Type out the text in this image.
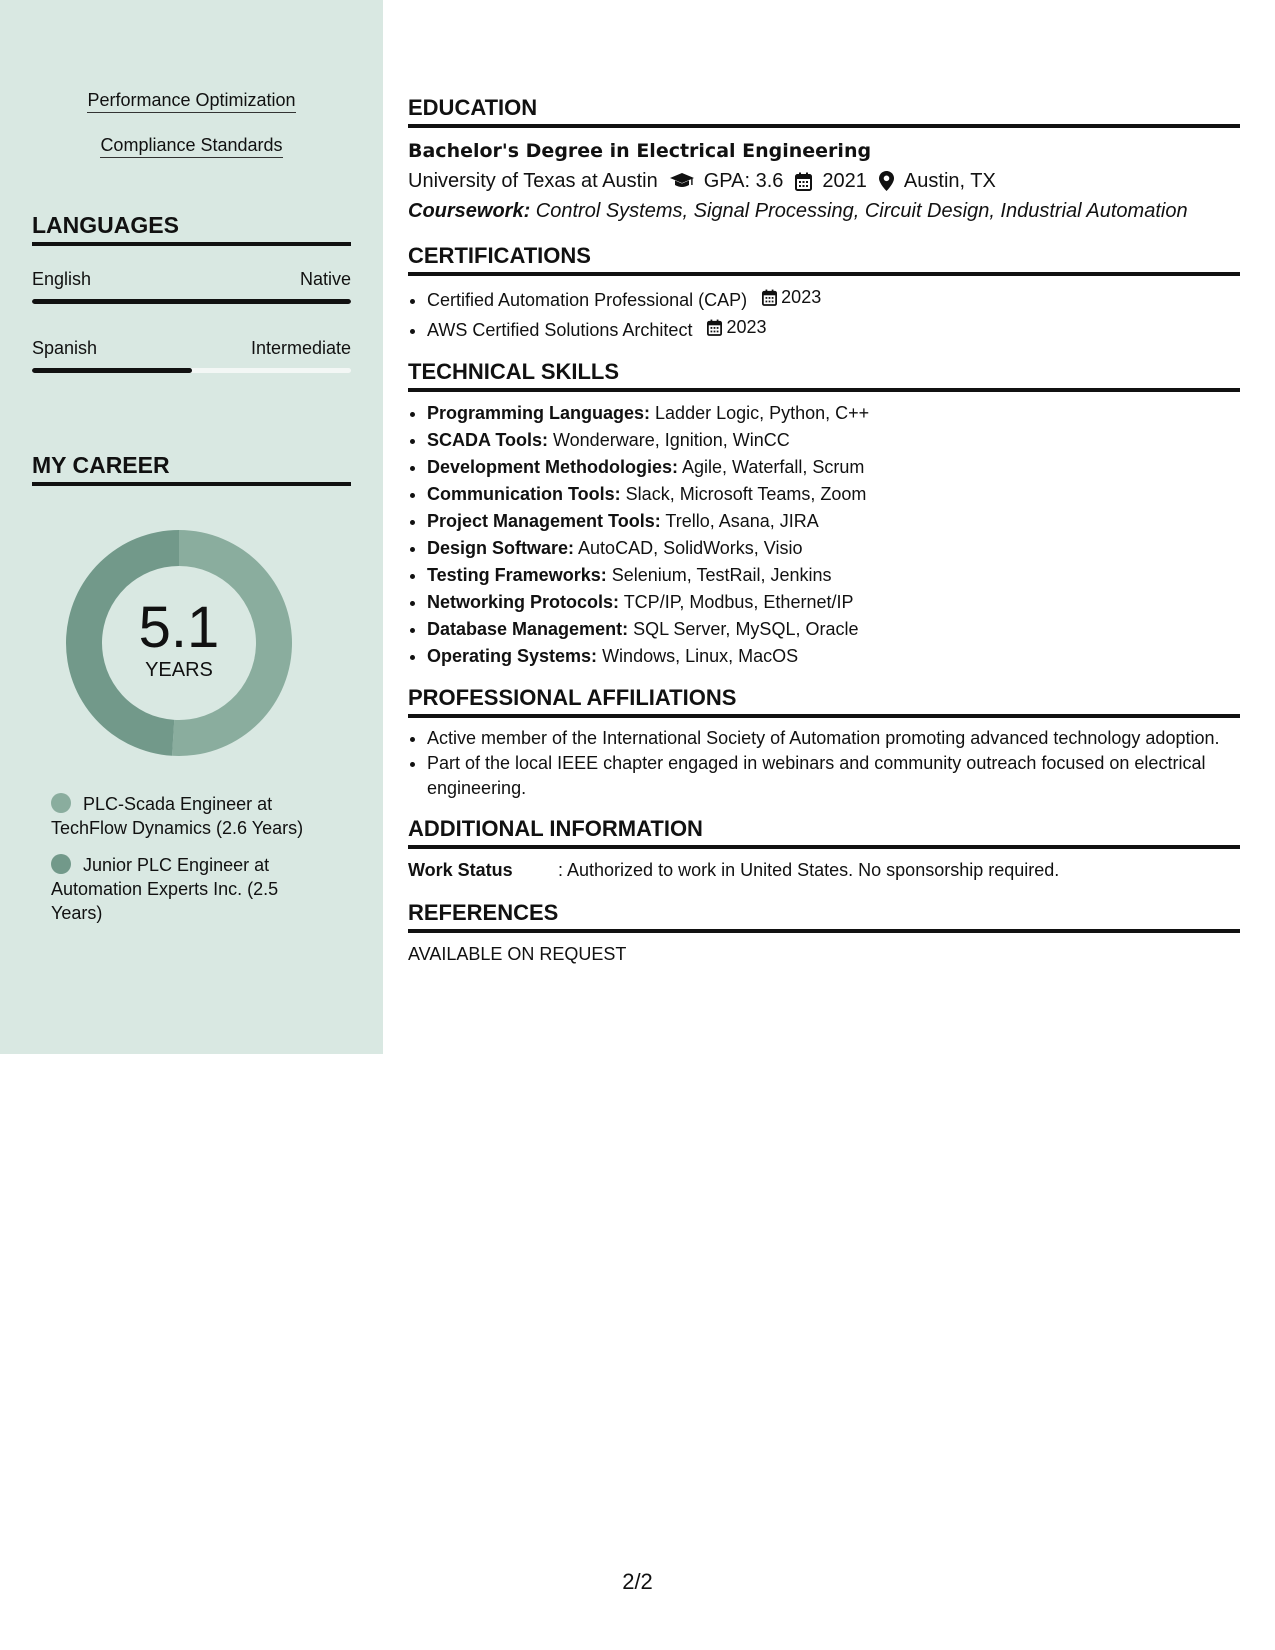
Performance Optimization
Compliance Standards
LANGUAGES
English	Native
Spanish	Intermediate
MY CAREER
5.1
YEARS
PLC-Scada Engineer at TechFlow Dynamics (2.6 Years)
Junior PLC Engineer at Automation Experts Inc. (2.5 Years)
EDUCATION
Bachelor's Degree in Electrical Engineering
University of Texas at Austin GPA: 3.6 2021 Austin, TX
Coursework: Control Systems, Signal Processing, Circuit Design, Industrial Automation
CERTIFICATIONS
• Certified Automation Professional (CAP) 2023
• AWS Certified Solutions Architect 2023
TECHNICAL SKILLS
• Programming Languages: Ladder Logic, Python, C++
• SCADA Tools: Wonderware, Ignition, WinCC
• Development Methodologies: Agile, Waterfall, Scrum
• Communication Tools: Slack, Microsoft Teams, Zoom
• Project Management Tools: Trello, Asana, JIRA
• Design Software: AutoCAD, SolidWorks, Visio
• Testing Frameworks: Selenium, TestRail, Jenkins
• Networking Protocols: TCP/IP, Modbus, Ethernet/IP
• Database Management: SQL Server, MySQL, Oracle
• Operating Systems: Windows, Linux, MacOS
PROFESSIONAL AFFILIATIONS
• Active member of the International Society of Automation promoting advanced technology adoption.
• Part of the local IEEE chapter engaged in webinars and community outreach focused on electrical engineering.
ADDITIONAL INFORMATION
Work Status	: Authorized to work in United States. No sponsorship required.
REFERENCES
AVAILABLE ON REQUEST
2/2
